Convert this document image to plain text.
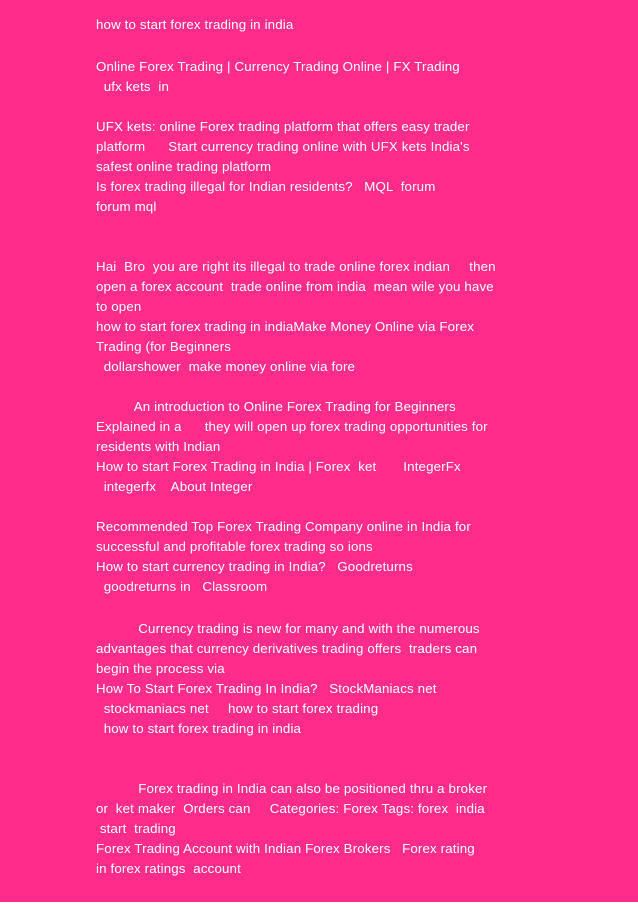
how to start forex trading in india
Online Forex Trading | Currency Trading Online | FX Trading
ufx kets  in
UFX kets: online Forex trading platform that offers easy trader
platform      Start currency trading online with UFX kets India's
safest online trading platform
Is forex trading illegal for Indian residents?   MQL  forum
forum mql
Hai  Bro  you are right its illegal to trade online forex indian     then
open a forex account  trade online from india  mean wile you have
to open
how to start forex trading in indiaMake Money Online via Forex
Trading (for Beginners
dollarshower  make money online via fore
An introduction to Online Forex Trading for Beginners
Explained in a      they will open up forex trading opportunities for
residents with Indian
How to start Forex Trading in India | Forex  ket       IntegerFx
integerfx    About Integer
Recommended Top Forex Trading Company online in India for
successful and profitable forex trading so ions
How to start currency trading in India?   Goodreturns
goodreturns in   Classroom
Currency trading is new for many and with the numerous
advantages that currency derivatives trading offers  traders can
begin the process via
How To Start Forex Trading In India?   StockManiacs net
stockmaniacs net     how to start forex trading
how to start forex trading in india
Forex trading in India can also be positioned thru a broker
or  ket maker  Orders can     Categories: Forex Tags: forex  india
start  trading
Forex Trading Account with Indian Forex Brokers   Forex rating
in forex ratings  account
